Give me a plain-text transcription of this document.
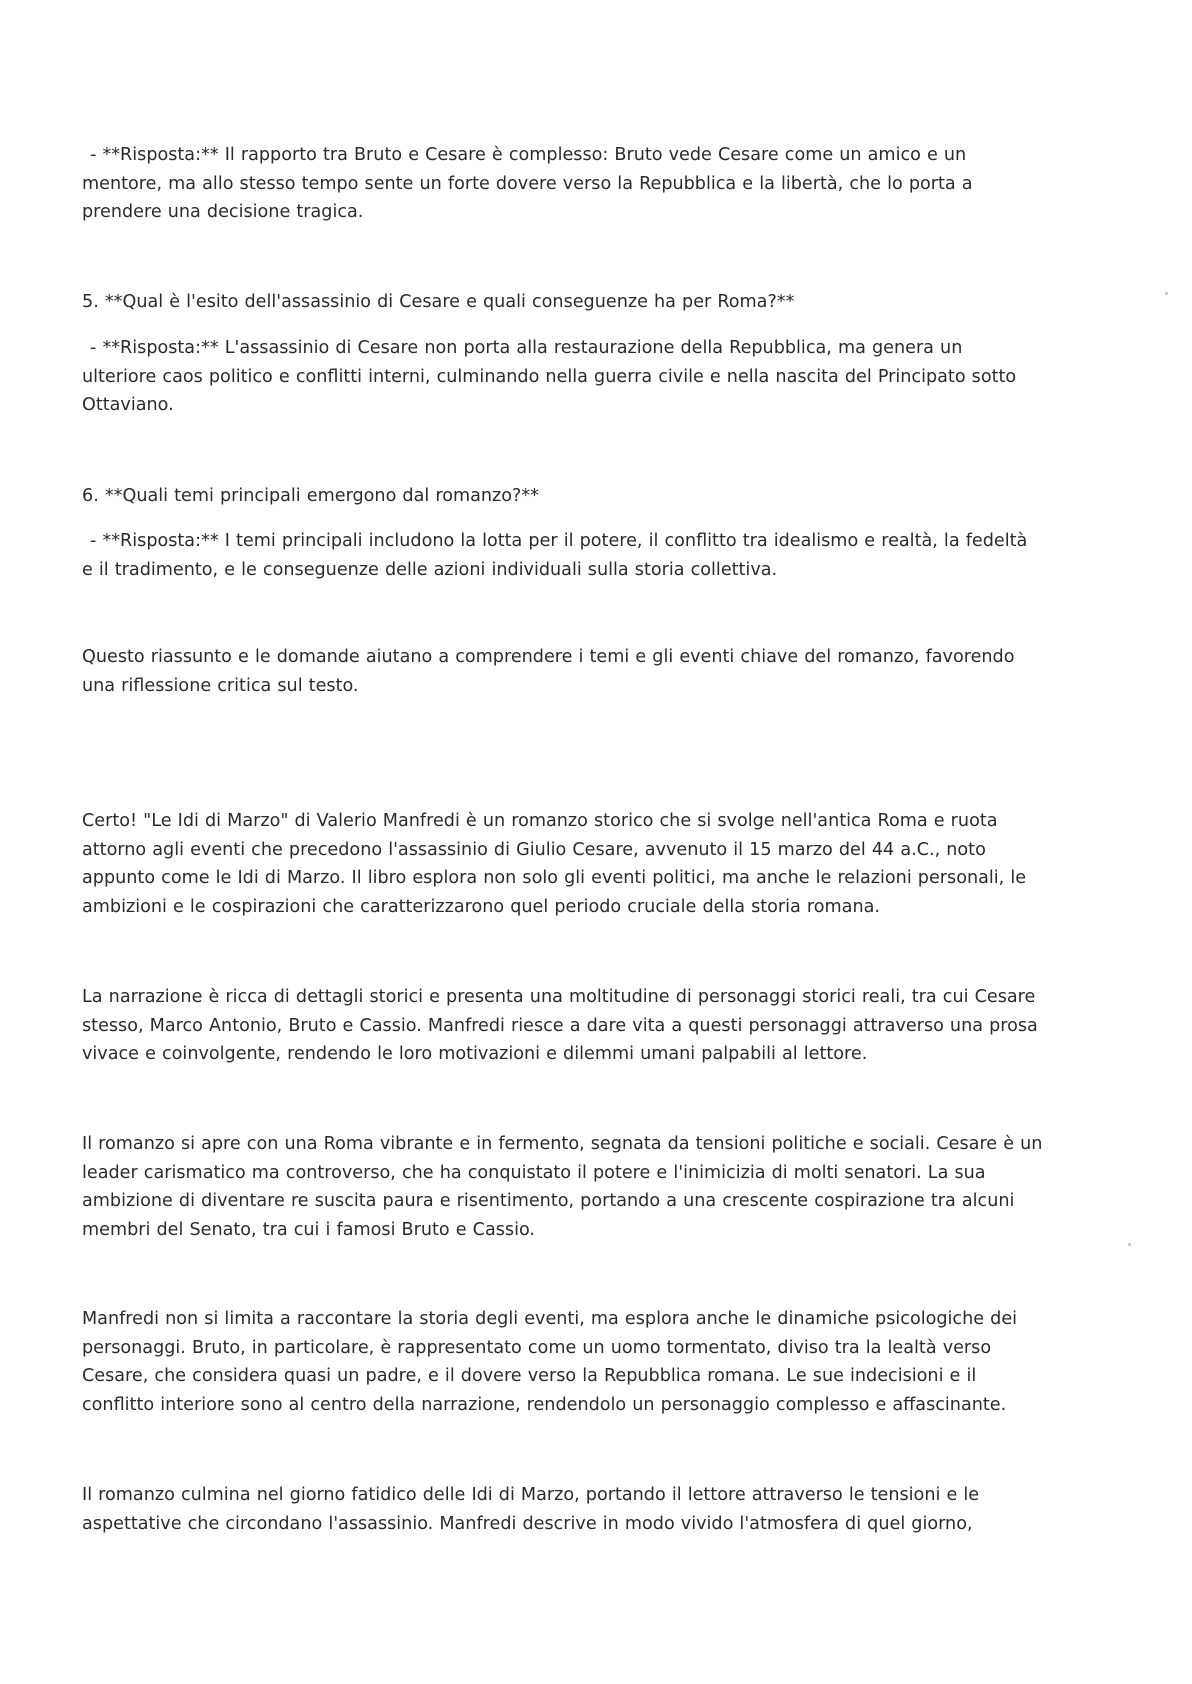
- **Risposta:** Il rapporto tra Bruto e Cesare è complesso: Bruto vede Cesare come un amico e un

mentore, ma allo stesso tempo sente un forte dovere verso la Repubblica e la libertà, che lo porta a

prendere una decisione tragica.

5. **Qual è l'esito dell'assassinio di Cesare e quali conseguenze ha per Roma?**

- **Risposta:** L'assassinio di Cesare non porta alla restaurazione della Repubblica, ma genera un

ulteriore caos politico e conflitti interni, culminando nella guerra civile e nella nascita del Principato sotto

Ottaviano.

6. **Quali temi principali emergono dal romanzo?**

- **Risposta:** I temi principali includono la lotta per il potere, il conflitto tra idealismo e realtà, la fedeltà

e il tradimento, e le conseguenze delle azioni individuali sulla storia collettiva.

Questo riassunto e le domande aiutano a comprendere i temi e gli eventi chiave del romanzo, favorendo

una riflessione critica sul testo.

Certo! "Le Idi di Marzo" di Valerio Manfredi è un romanzo storico che si svolge nell'antica Roma e ruota

attorno agli eventi che precedono l'assassinio di Giulio Cesare, avvenuto il 15 marzo del 44 a.C., noto

appunto come le Idi di Marzo. Il libro esplora non solo gli eventi politici, ma anche le relazioni personali, le

ambizioni e le cospirazioni che caratterizzarono quel periodo cruciale della storia romana.

La narrazione è ricca di dettagli storici e presenta una moltitudine di personaggi storici reali, tra cui Cesare

stesso, Marco Antonio, Bruto e Cassio. Manfredi riesce a dare vita a questi personaggi attraverso una prosa

vivace e coinvolgente, rendendo le loro motivazioni e dilemmi umani palpabili al lettore.

Il romanzo si apre con una Roma vibrante e in fermento, segnata da tensioni politiche e sociali. Cesare è un

leader carismatico ma controverso, che ha conquistato il potere e l'inimicizia di molti senatori. La sua

ambizione di diventare re suscita paura e risentimento, portando a una crescente cospirazione tra alcuni

membri del Senato, tra cui i famosi Bruto e Cassio.

Manfredi non si limita a raccontare la storia degli eventi, ma esplora anche le dinamiche psicologiche dei

personaggi. Bruto, in particolare, è rappresentato come un uomo tormentato, diviso tra la lealtà verso

Cesare, che considera quasi un padre, e il dovere verso la Repubblica romana. Le sue indecisioni e il

conflitto interiore sono al centro della narrazione, rendendolo un personaggio complesso e affascinante.

Il romanzo culmina nel giorno fatidico delle Idi di Marzo, portando il lettore attraverso le tensioni e le

aspettative che circondano l'assassinio. Manfredi descrive in modo vivido l'atmosfera di quel giorno,
